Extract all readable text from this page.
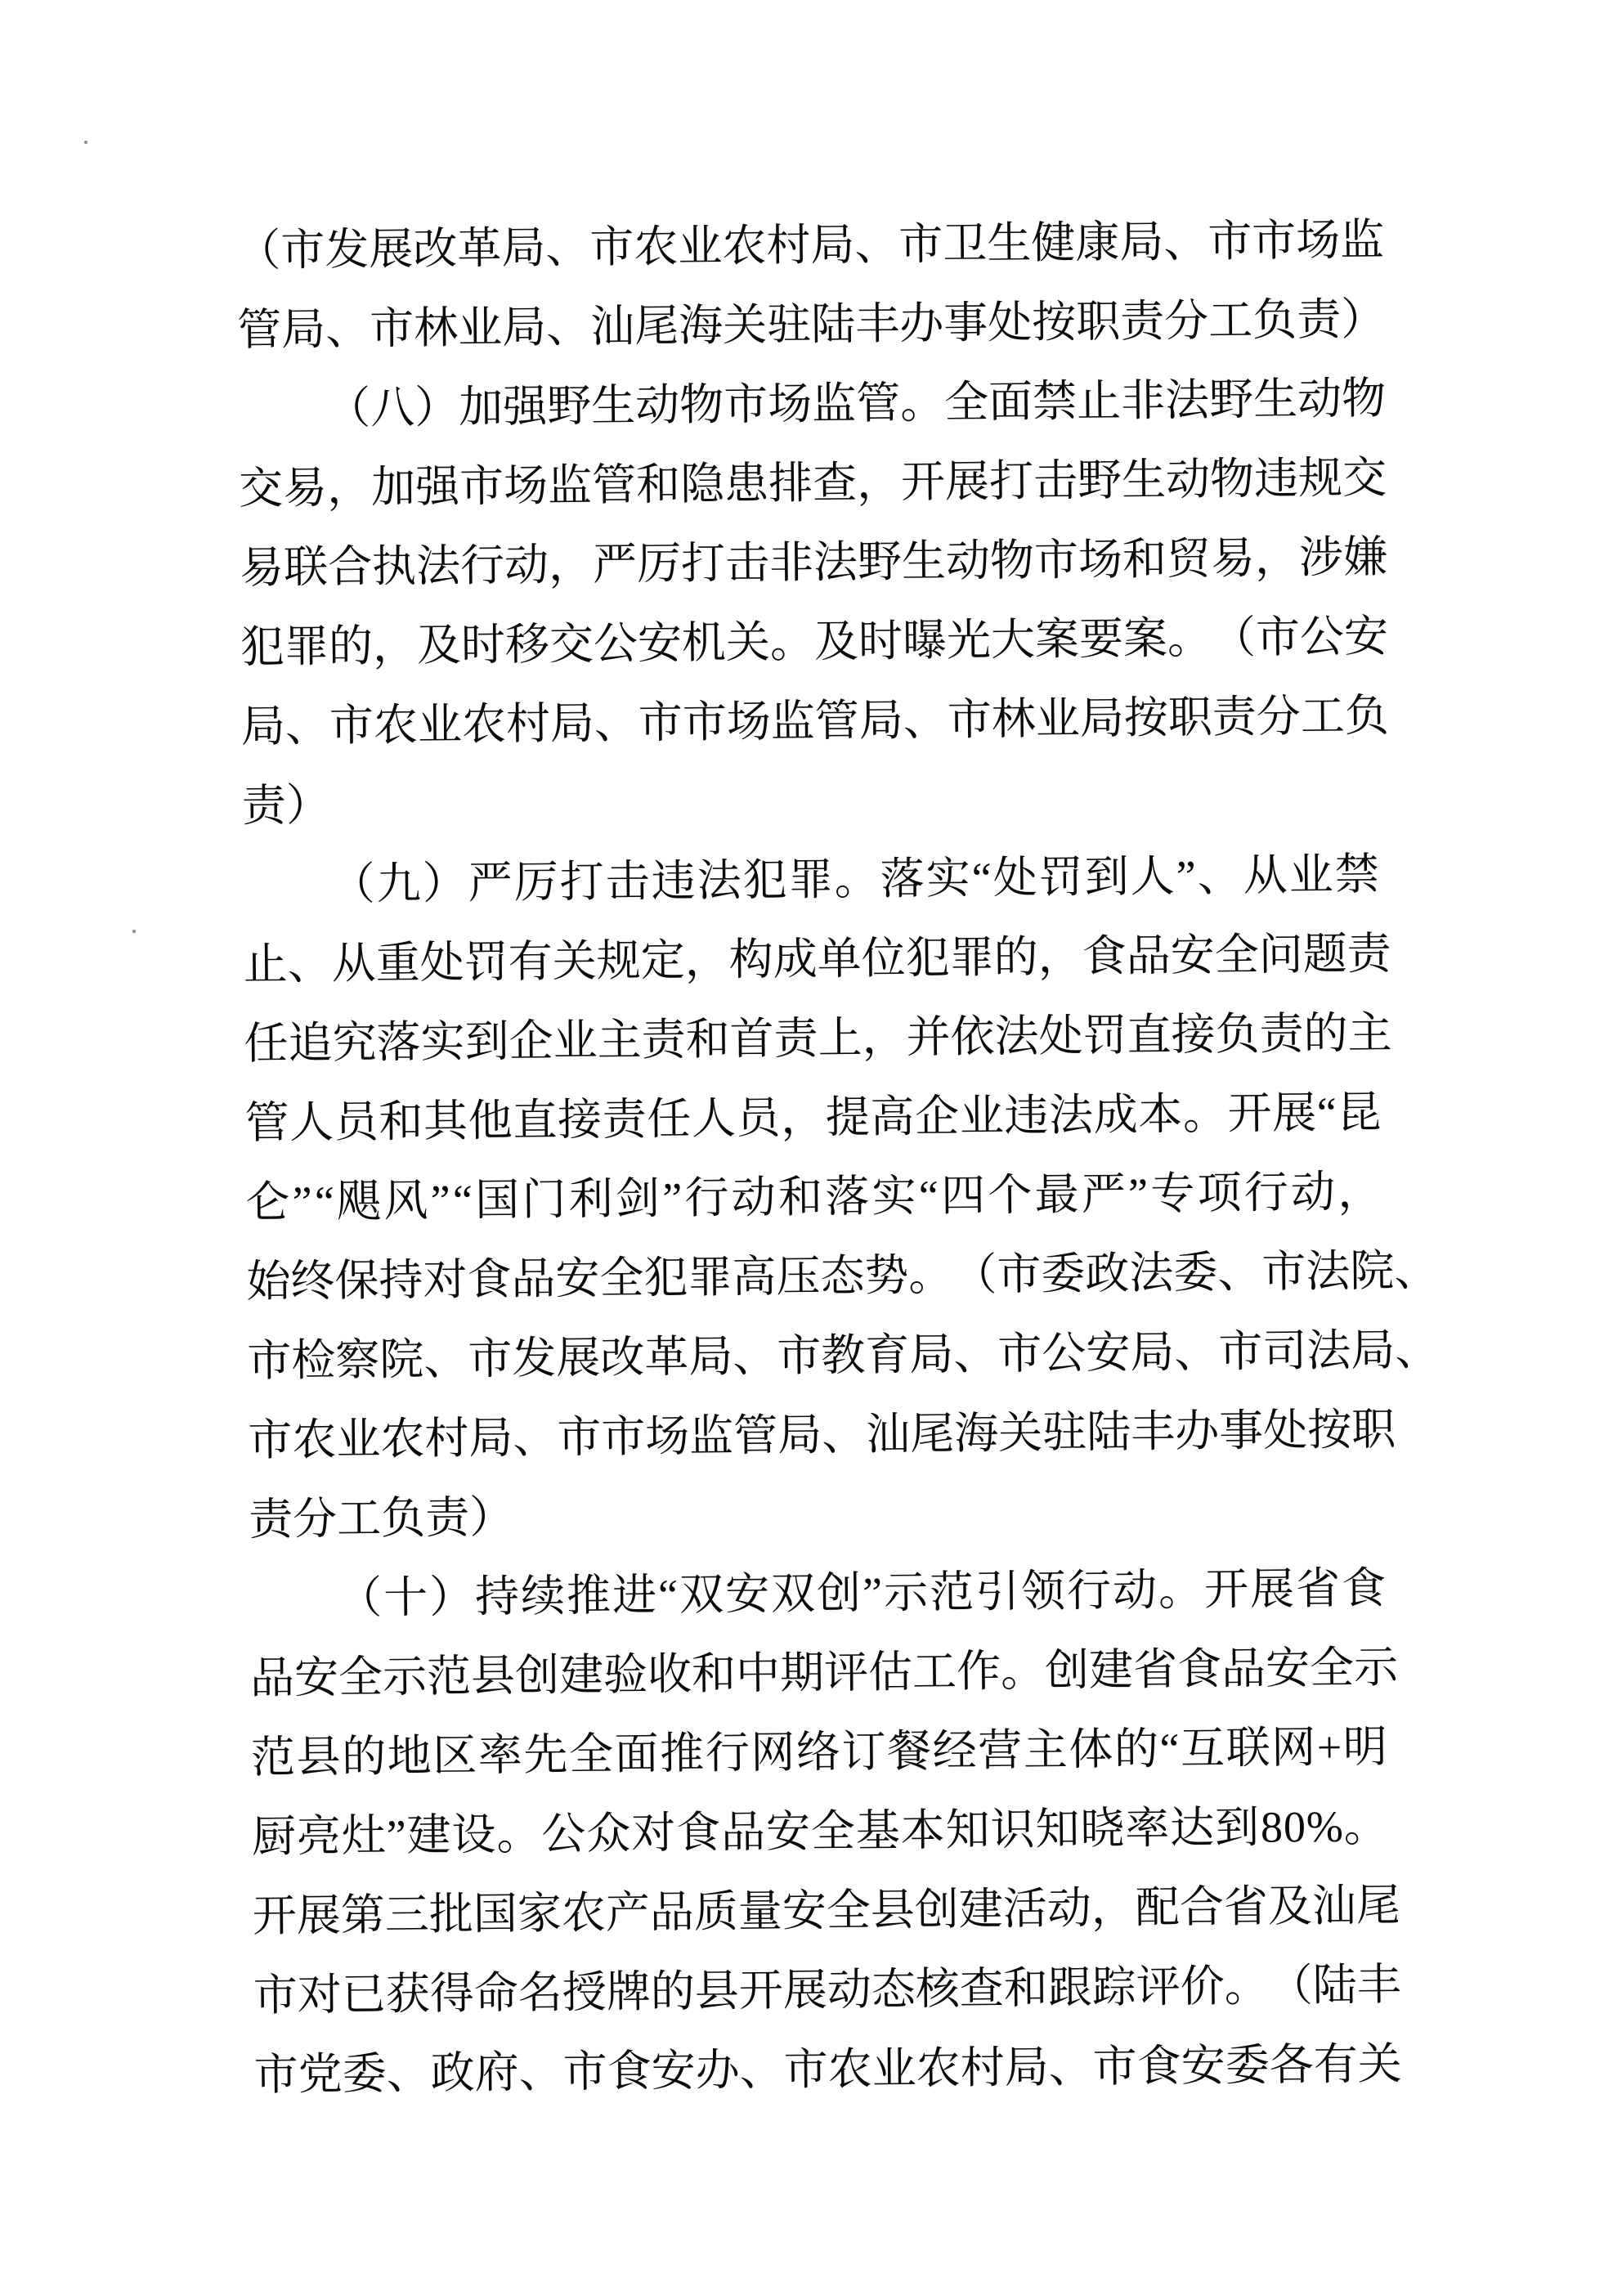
（ 市 发 展 改 革 局 、 市 农 业 农 村 局 、 市 卫 生 健 康 局 、 市 市 场 监
管 局 、 市 林 业 局 、 汕 尾 海 关 驻 陆 丰 办 事 处 按 职 责 分 工 负 责 ）
（ 八 ） 加 强 野 生 动 物 市 场 监 管 。 全 面 禁 止 非 法 野 生 动 物
交 易 ， 加 强 市 场 监 管 和 隐 患 排 查 ， 开 展 打 击 野 生 动 物 违 规 交
易 联 合 执 法 行 动 ， 严 厉 打 击 非 法 野 生 动 物 市 场 和 贸 易 ， 涉 嫌
犯 罪 的 ， 及 时 移 交 公 安 机 关 。 及 时 曝 光 大 案 要 案 。 （ 市 公 安
局 、 市 农 业 农 村 局 、 市 市 场 监 管 局 、 市 林 业 局 按 职 责 分 工 负
责）
（ 九 ） 严 厉 打 击 违 法 犯 罪 。 落 实 “ 处 罚 到 人 ” 、 从 业 禁
止 、 从 重 处 罚 有 关 规 定 ， 构 成 单 位 犯 罪 的 ， 食 品 安 全 问 题 责
任 追 究 落 实 到 企 业 主 责 和 首 责 上 ， 并 依 法 处 罚 直 接 负 责 的 主
管 人 员 和 其 他 直 接 责 任 人 员 ， 提 高 企 业 违 法 成 本 。 开 展 “ 昆
仑 ” “ 飓 风 ” “ 国 门 利 剑 ” 行 动 和 落 实 “ 四 个 最 严 ” 专 项 行 动 ，
始 终 保 持 对 食 品 安 全 犯 罪 高 压 态 势 。 （ 市 委 政 法 委 、 市 法 院 、
市 检 察 院 、 市 发 展 改 革 局 、 市 教 育 局 、 市 公 安 局 、 市 司 法 局 、
市 农 业 农 村 局 、 市 市 场 监 管 局 、 汕 尾 海 关 驻 陆 丰 办 事 处 按 职
责分工负责）
（ 十 ） 持 续 推 进 “ 双 安 双 创 ” 示 范 引 领 行 动 。 开 展 省 食
品 安 全 示 范 县 创 建 验 收 和 中 期 评 估 工 作 。 创 建 省 食 品 安 全 示
范 县 的 地 区 率 先 全 面 推 行 网 络 订 餐 经 营 主 体 的 “ 互 联 网 + 明
厨 亮 灶 ” 建 设 。 公 众 对 食 品 安 全 基 本 知 识 知 晓 率 达 到 8 0 % 。
开 展 第 三 批 国 家 农 产 品 质 量 安 全 县 创 建 活 动 ， 配 合 省 及 汕 尾
市 对 已 获 得 命 名 授 牌 的 县 开 展 动 态 核 查 和 跟 踪 评 价 。 （ 陆 丰
市 党 委 、 政 府 、 市 食 安 办 、 市 农 业 农 村 局 、 市 食 安 委 各 有 关
